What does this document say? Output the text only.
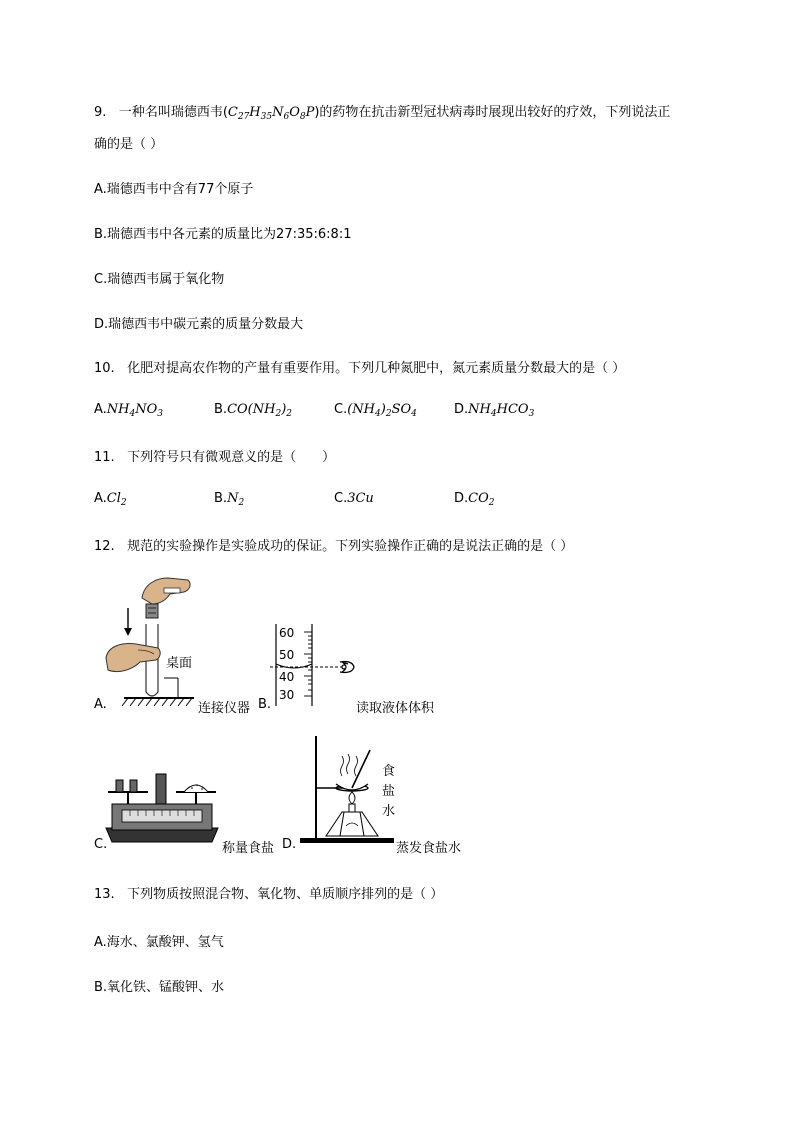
9. 一种名叫瑞德西韦$(C_{27}H_{35}N_6O_8P)$的药物在抗击新型冠状病毒时展现出较好的疗效，下列说法正
确的是（ ）
A.瑞德西韦中含有77个原子
B.瑞德西韦中各元素的质量比为27:35:6:8:1
C.瑞德西韦属于氧化物
D.瑞德西韦中碳元素的质量分数最大
10. 化肥对提高农作物的产量有重要作用。下列几种氮肥中，氮元素质量分数最大的是（ ）
$A.NH_4NO_3$	$B.CO(NH_2)_2$	$C.(NH_4)_2SO_4$	$D.NH_4HCO_3$
11. 下列符号只有微观意义的是（　　）
$A.Cl_2$	$B.N_2$	C.3Cu	$D.CO_2$
12. 规范的实验操作是实验成功的保证。下列实验操作正确的是说法正确的是（ ）
桌面
A.	连接仪器
60
50
40
30
B.	读取液体体积
C.	称量食盐
食
盐
水
D.	蒸发食盐水
13. 下列物质按照混合物、氧化物、单质顺序排列的是（ ）
A.海水、氯酸钾、氢气
B.氧化铁、锰酸钾、水
